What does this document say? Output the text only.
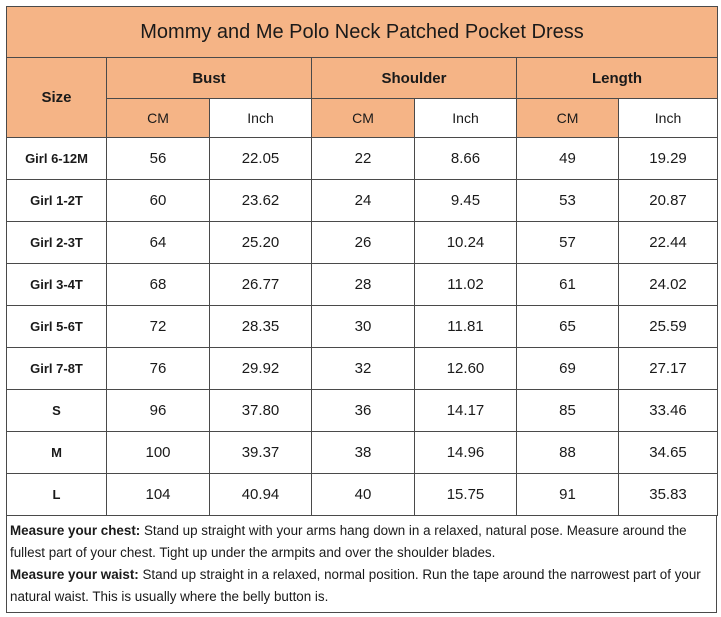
Mommy and Me Polo Neck Patched Pocket Dress						
Size	Bust		Shoulder		Length	
	CM	Inch	CM	Inch	CM	Inch
Girl 6-12M	56	22.05	22	8.66	49	19.29
Girl 1-2T	60	23.62	24	9.45	53	20.87
Girl 2-3T	64	25.20	26	10.24	57	22.44
Girl 3-4T	68	26.77	28	11.02	61	24.02
Girl 5-6T	72	28.35	30	11.81	65	25.59
Girl 7-8T	76	29.92	32	12.60	69	27.17
S	96	37.80	36	14.17	85	33.46
M	100	39.37	38	14.96	88	34.65
L	104	40.94	40	15.75	91	35.83
Measure your chest: Stand up straight with your arms hang down in a relaxed, natural pose. Measure around the fullest part of your chest. Tight up under the armpits and over the shoulder blades.
Measure your waist: Stand up straight in a relaxed, normal position. Run the tape around the narrowest part of your natural waist. This is usually where the belly button is.
